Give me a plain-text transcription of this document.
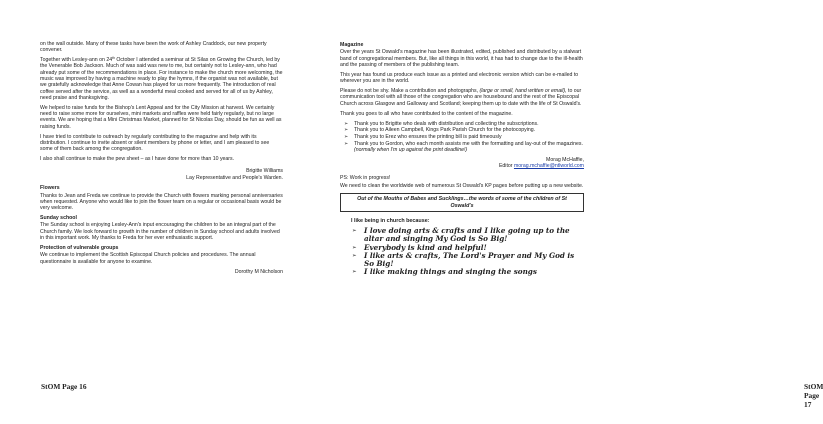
on the wall outside. Many of these tasks have been the work of Ashley Craddock, our new property convener.

Together with Lesley-ann on 24th October I attended a seminar at St Silas on Growing the Church, led by the Venerable Bob Jackson. Much of was said was new to me, but certainly not to Lesley-ann, who had already put some of the recommendations in place. For instance to make the church more welcoming, the music was improved by having a machine ready to play the hymns, if the organist was not available, but we gratefully acknowledge that Anne Cowan has played for us more frequently. The introduction of real coffee served after the service, as well as a wonderful meal cooked and served for all of us by Ashley, need praise and thanksgiving.

We helped to raise funds for the Bishop's Lent Appeal and for the City Mission at harvest. We certainly need to raise some more for ourselves, mini markets and raffles were held fairly regularly, but no large events. We are hoping that a Mini Christmas Market, planned for St Nicolas Day, should be fun as well as raising funds.

I have tried to contribute to outreach by regularly contributing to the magazine and help with its distribution. I continue to invite absent or silent members by phone or letter, and I am pleased to see some of them back among the congregation.

I also shall continue to make the pew sheet – as I have done for more than 10 years.

Brigitte Williams

Lay Representative and People's Warden.

Flowers

Thanks to Jean and Freda we continue to provide the Church with flowers marking personal anniversaries when requested. Anyone who would like to join the flower team on a regular or occasional basis would be very welcome.

Sunday school

The Sunday school is enjoying Lesley-Ann's input encouraging the children to be an integral part of the Church family. We look forward to growth in the number of children in Sunday school and adults involved in this important work. My thanks to Freda for her ever enthusiastic support.

Protection of vulnerable groups

We continue to implement the Scottish Episcopal Church policies and procedures. The annual questionnaire is available for anyone to examine.

Dorothy M Nicholson

StOM Page 16
Magazine

Over the years St Oswald's magazine has been illustrated, edited, published and distributed by a stalwart band of congregational members. But, like all things in this world, it has had to change due to the ill-health and the passing of members of the publishing team.

This year has found us produce each issue as a printed and electronic version which can be e-mailed to wherever you are in the world.

Please do not be shy. Make a contribution and photographs, (large or small, hand written or email), to our communication tool with all those of the congregation who are housebound and the rest of the Episcopal Church across Glasgow and Galloway and Scotland; keeping them up to date with the life of St Oswald's.

Thank you goes to all who have contributed to the content of the magazine.

➢ Thank you to Brigitte who deals with distribution and collecting the subscriptions.
➢ Thank you to Aileen Campbell, Kings Park Parish Church for the photocopying.
➢ Thank you to Erez who ensures the printing bill is paid timeously
➢ Thank you to Gordon, who each month assists me with the formatting and lay-out of the magazines. (normally when I'm up against the print deadline!)

Morag McHaffie,

Editor morag.mchaffie@ntlworld.com

PS: Work in progress!

We need to clean the worldwide web of numerous St Oswald's KP pages before putting up a new website.

Out of the Mouths of Babes and Sucklings…the words of some of the children of St Oswald's
I like being in church because:
➢ I love doing arts & crafts and I like going up to the altar and singing My God is So Big!
➢ Everybody is kind and helpful!
➢ I like arts & crafts, The Lord's Prayer and My God is So Big!
➢ I like making things and singing the songs
StOM Page 17
